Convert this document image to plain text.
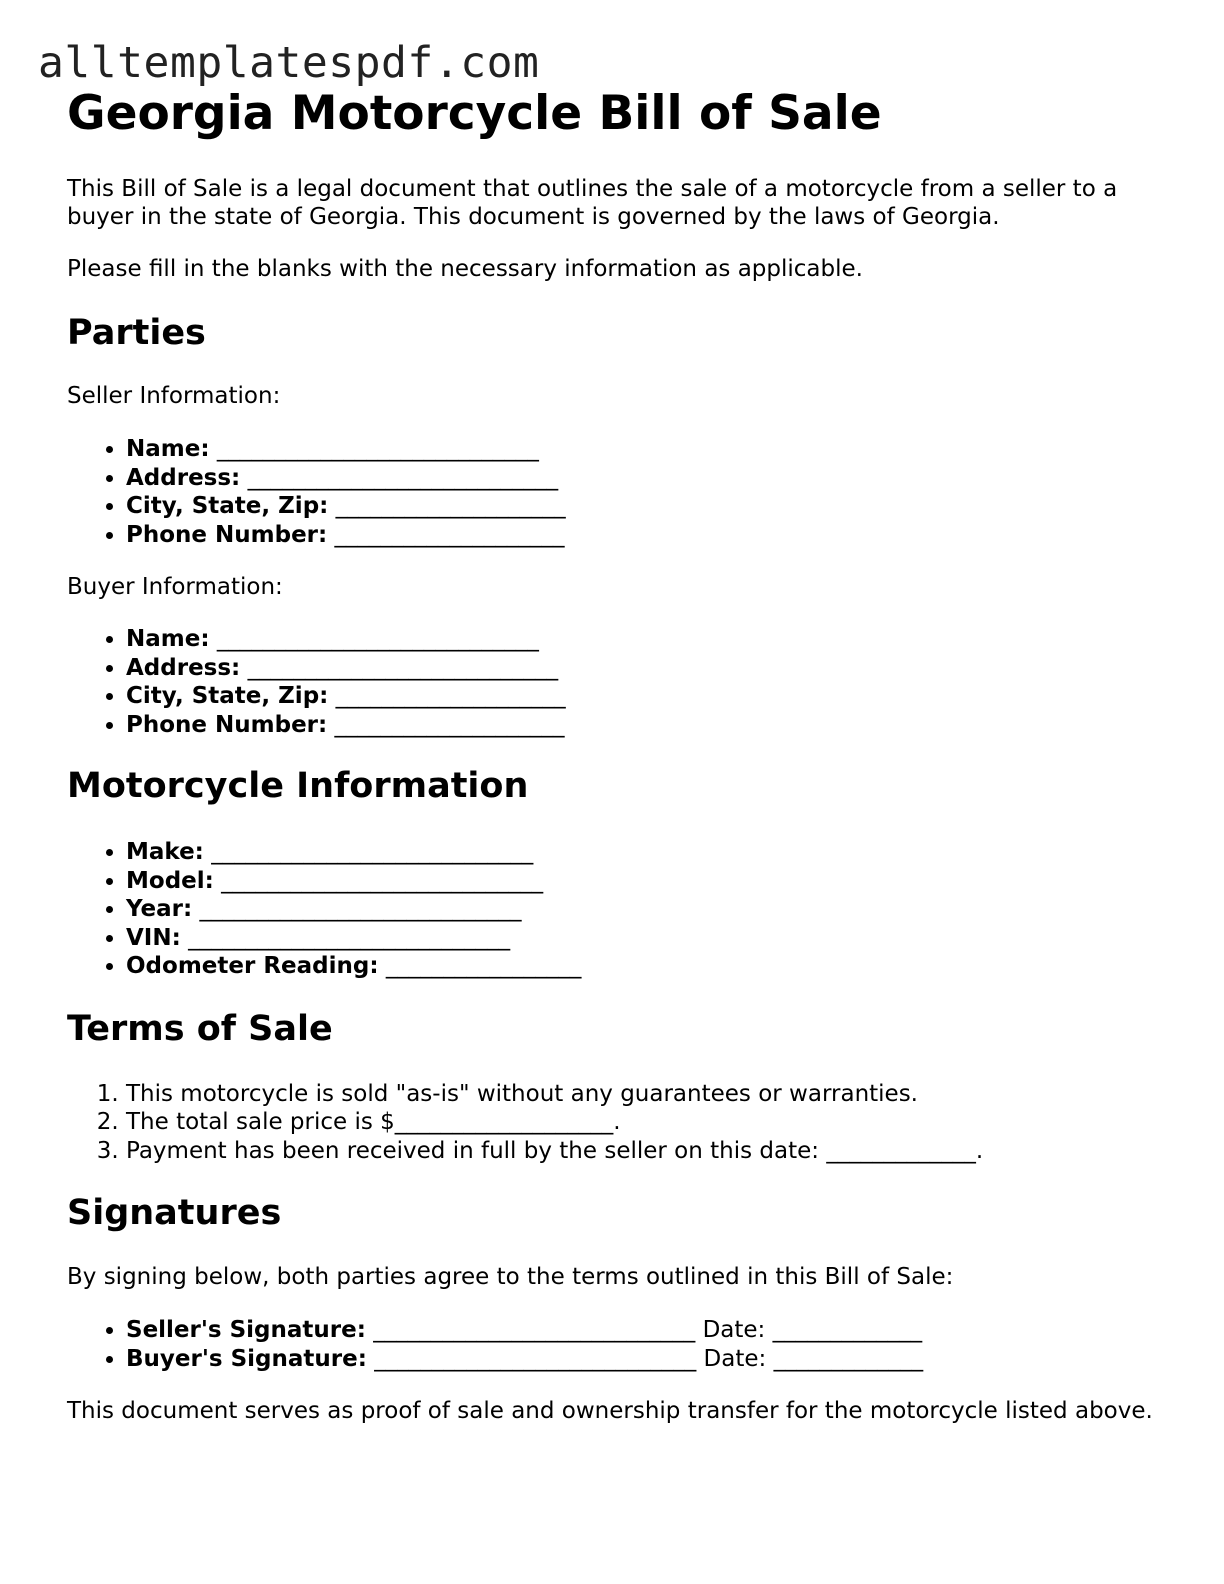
alltemplatespdf.com
Georgia Motorcycle Bill of Sale

This Bill of Sale is a legal document that outlines the sale of a motorcycle from a seller to a buyer in the state of Georgia. This document is governed by the laws of Georgia.

Please fill in the blanks with the necessary information as applicable.

Parties

Seller Information:

• Name: ____________________________
• Address: ___________________________
• City, State, Zip: ____________________
• Phone Number: ____________________

Buyer Information:

• Name: ____________________________
• Address: ___________________________
• City, State, Zip: ____________________
• Phone Number: ____________________
Motorcycle Information
• Make: ____________________________
• Model: ____________________________
• Year: ____________________________
• VIN: ____________________________
• Odometer Reading: _________________
Terms of Sale
1. This motorcycle is sold "as-is" without any guarantees or warranties.
2. The total sale price is $___________________.
3. Payment has been received in full by the seller on this date: _____________.
Signatures

By signing below, both parties agree to the terms outlined in this Bill of Sale:

• Seller's Signature: ____________________________ Date: _____________
• Buyer's Signature: ____________________________ Date: _____________

This document serves as proof of sale and ownership transfer for the motorcycle listed above.
